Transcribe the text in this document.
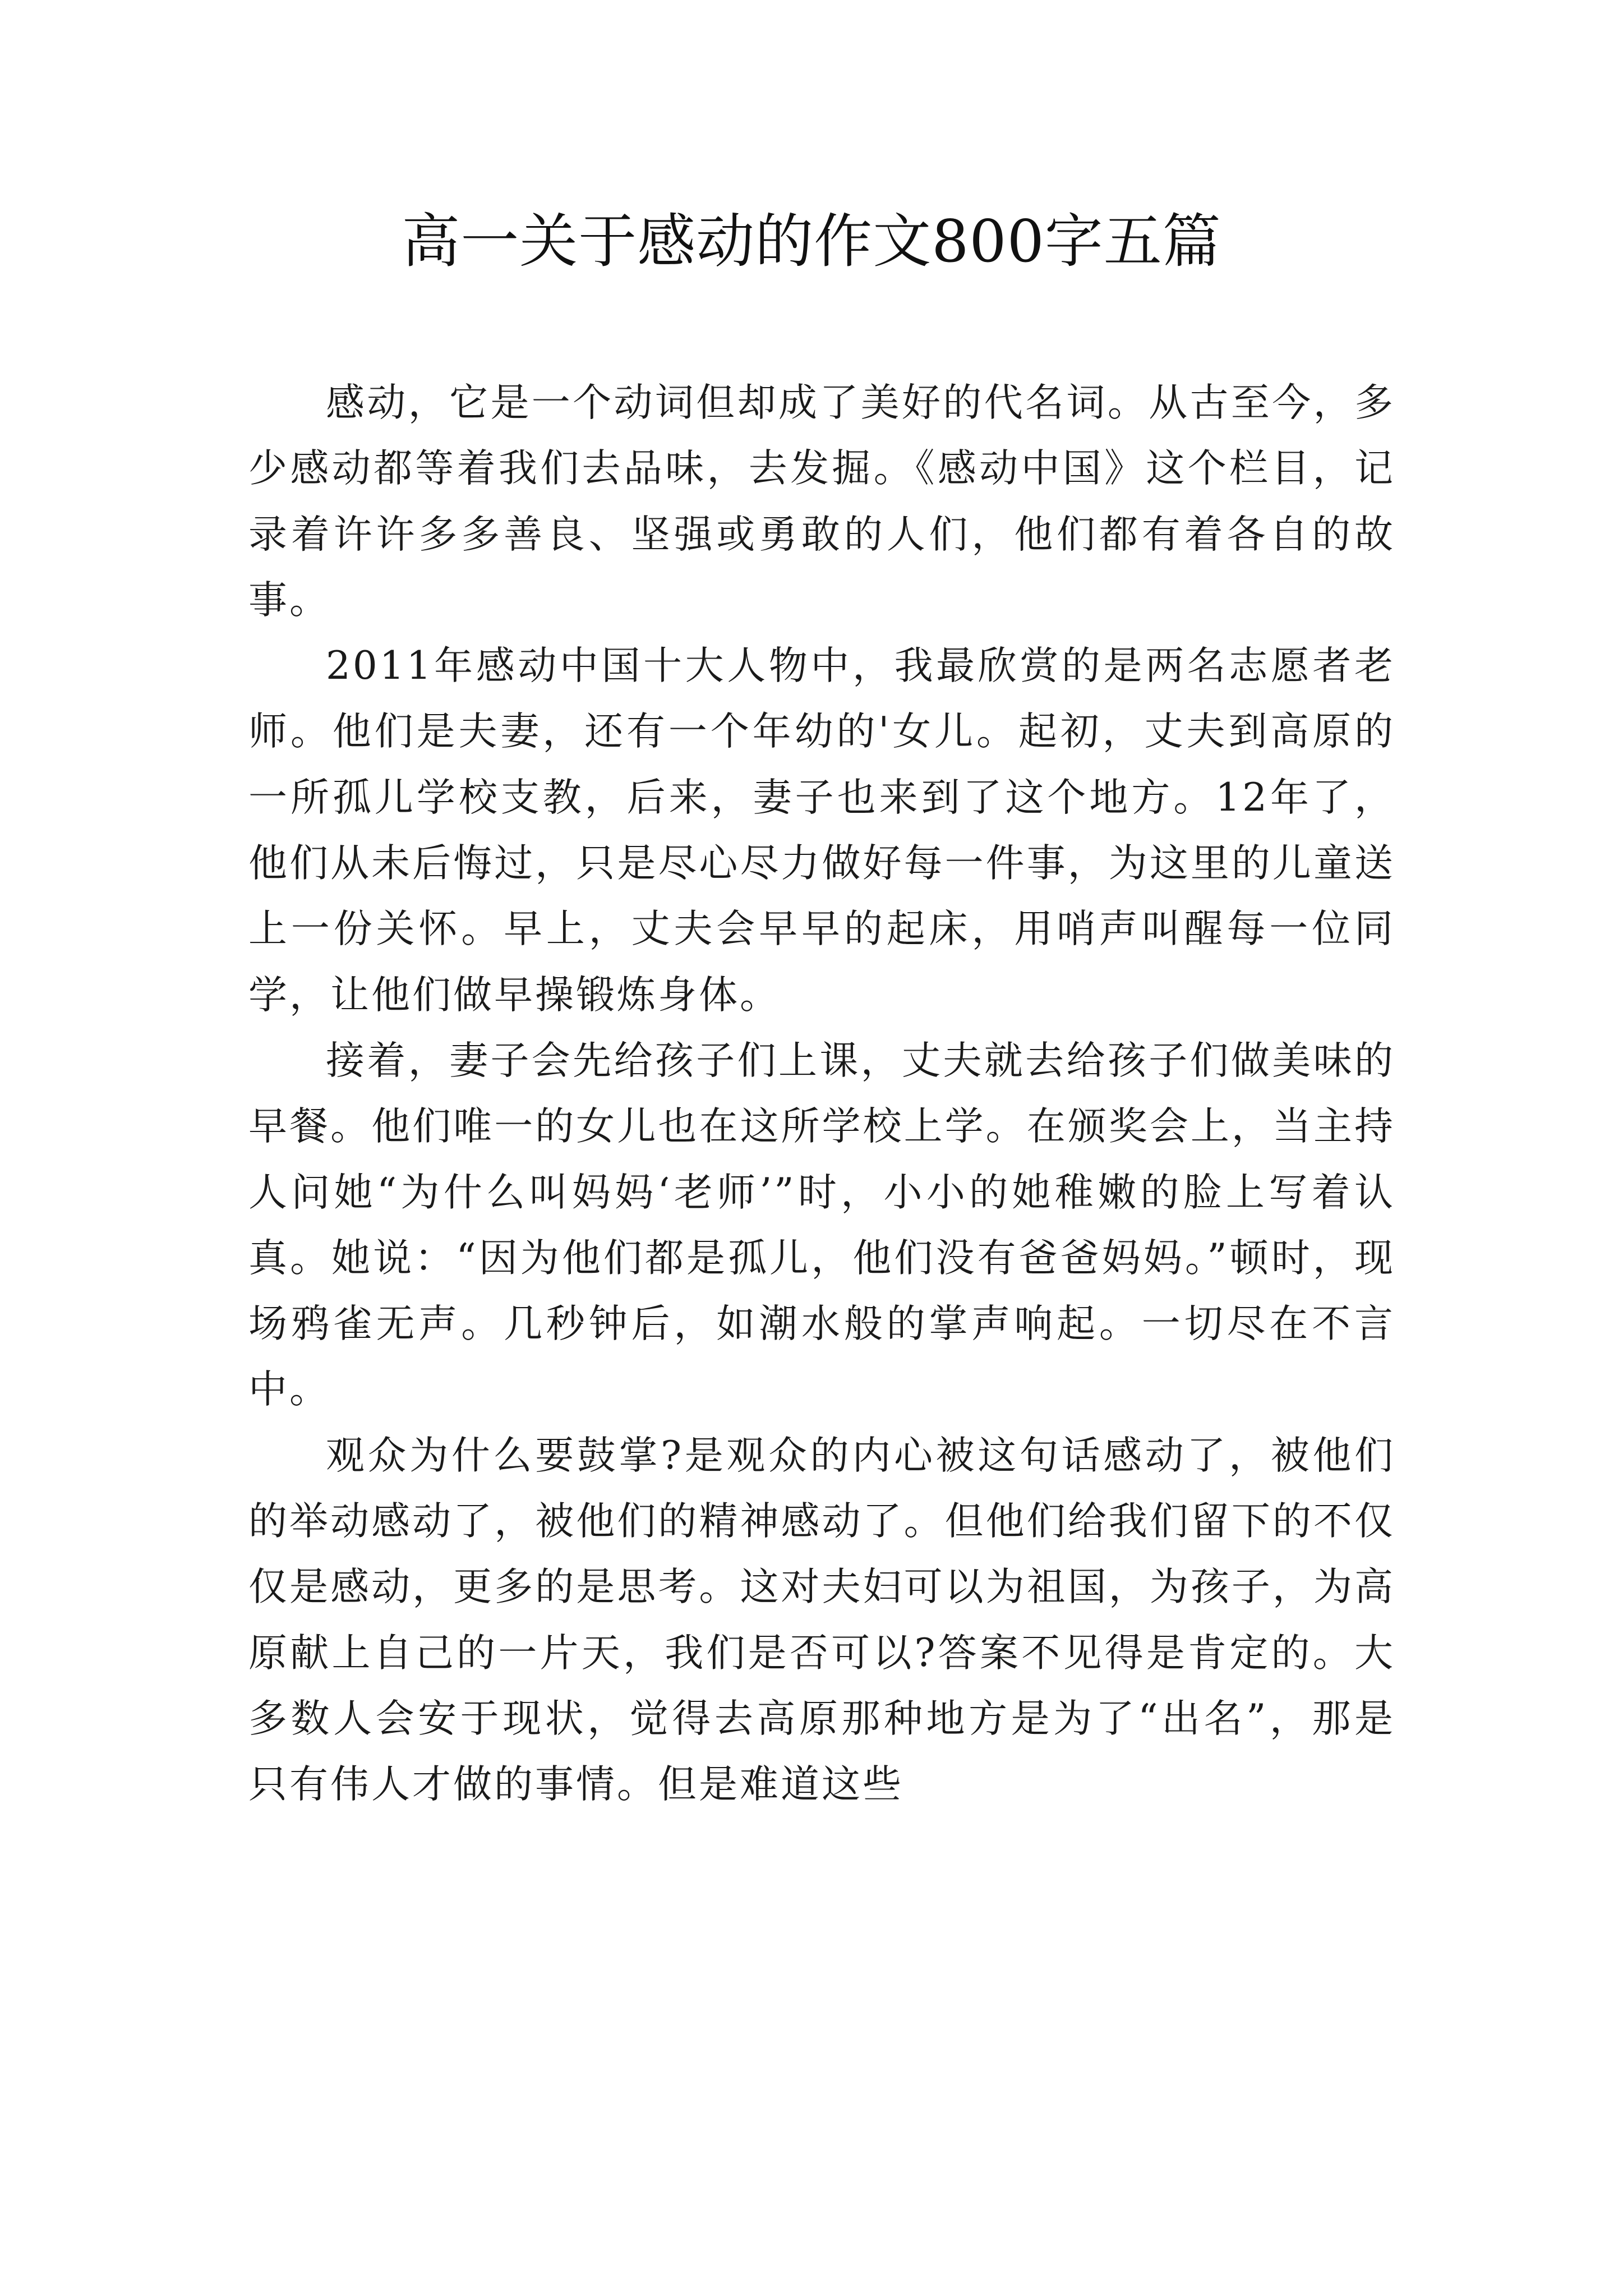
高一关于感动的作文800字五篇

感动，它是一个动词但却成了美好的代名词。从古至今，多少感动都等着我们去品味，去发掘。《感动中国》这个栏目，记录着许许多多善良、坚强或勇敢的人们，他们都有着各自的故事。

2011年感动中国十大人物中，我最欣赏的是两名志愿者老师。他们是夫妻，还有一个年幼的'女儿。起初，丈夫到高原的一所孤儿学校支教，后来，妻子也来到了这个地方。12年了，他们从未后悔过，只是尽心尽力做好每一件事，为这里的儿童送上一份关怀。早上，丈夫会早早的起床，用哨声叫醒每一位同学，让他们做早操锻炼身体。

接着，妻子会先给孩子们上课，丈夫就去给孩子们做美味的早餐。他们唯一的女儿也在这所学校上学。在颁奖会上，当主持人问她“为什么叫妈妈‘老师’”时，小小的她稚嫩的脸上写着认真。她说：“因为他们都是孤儿，他们没有爸爸妈妈。”顿时，现场鸦雀无声。几秒钟后，如潮水般的掌声响起。一切尽在不言中。

观众为什么要鼓掌?是观众的内心被这句话感动了，被他们的举动感动了，被他们的精神感动了。但他们给我们留下的不仅仅是感动，更多的是思考。这对夫妇可以为祖国，为孩子，为高原献上自己的一片天，我们是否可以?答案不见得是肯定的。大多数人会安于现状，觉得去高原那种地方是为了“出名”，那是只有伟人才做的事情。但是难道这些
